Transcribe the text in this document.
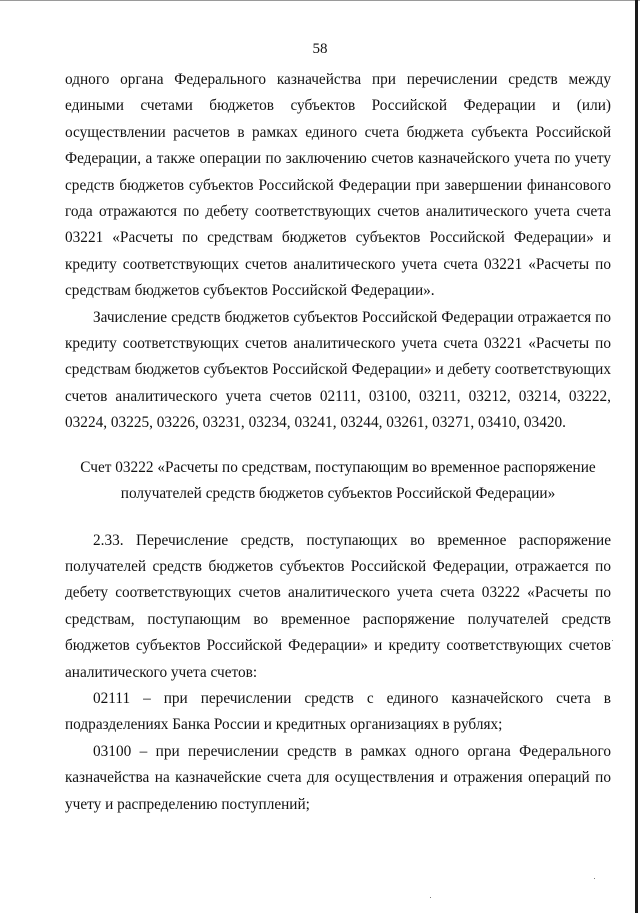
58

одного органа Федерального казначейства при перечислении средств между едиными счетами бюджетов субъектов Российской Федерации и (или) осуществлении расчетов в рамках единого счета бюджета субъекта Российской Федерации, а также операции по заключению счетов казначейского учета по учету средств бюджетов субъектов Российской Федерации при завершении финансового года отражаются по дебету соответствующих счетов аналитического учета счета 03221 «Расчеты по средствам бюджетов субъектов Российской Федерации» и кредиту соответствующих счетов аналитического учета счета 03221 «Расчеты по средствам бюджетов субъектов Российской Федерации».

Зачисление средств бюджетов субъектов Российской Федерации отражается по кредиту соответствующих счетов аналитического учета счета 03221 «Расчеты по средствам бюджетов субъектов Российской Федерации» и дебету соответствующих счетов аналитического учета счетов 02111, 03100, 03211, 03212, 03214, 03222, 03224, 03225, 03226, 03231, 03234, 03241, 03244, 03261, 03271, 03410, 03420.

Счет 03222 «Расчеты по средствам, поступающим во временное распоряжение получателей средств бюджетов субъектов Российской Федерации»

2.33. Перечисление средств, поступающих во временное распоряжение получателей средств бюджетов субъектов Российской Федерации, отражается по дебету соответствующих счетов аналитического учета счета 03222 «Расчеты по средствам, поступающим во временное распоряжение получателей средств бюджетов субъектов Российской Федерации» и кредиту соответствующих счетов аналитического учета счетов:

02111 – при перечислении средств с единого казначейского счета в подразделениях Банка России и кредитных организациях в рублях;

03100 – при перечислении средств в рамках одного органа Федерального казначейства на казначейские счета для осуществления и отражения операций по учету и распределению поступлений;
